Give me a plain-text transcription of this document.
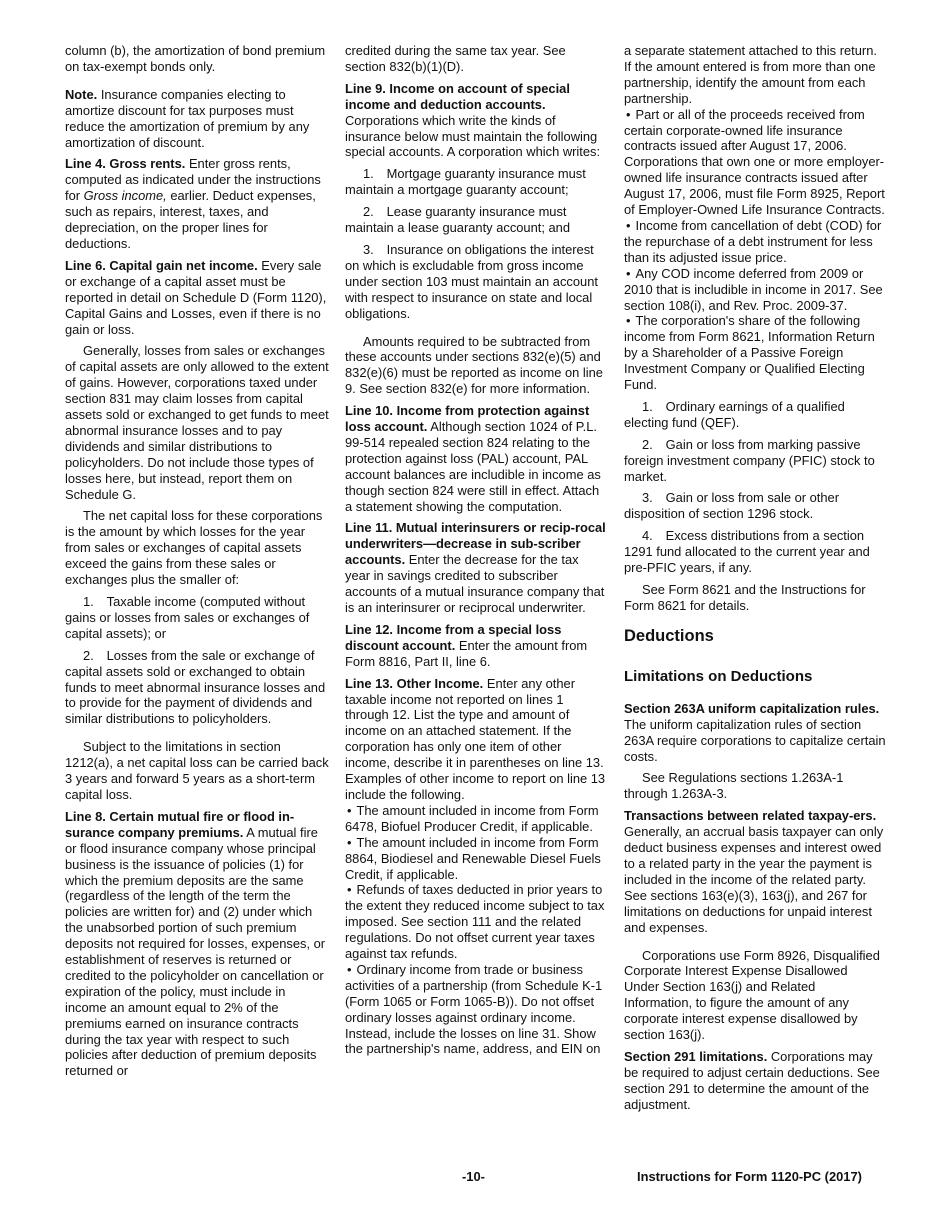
column (b), the amortization of bond premium on tax-exempt bonds only.

Note. Insurance companies electing to amortize discount for tax purposes must reduce the amortization of premium by any amortization of discount.

Line 4. Gross rents. Enter gross rents, computed as indicated under the instructions for Gross income, earlier. Deduct expenses, such as repairs, interest, taxes, and depreciation, on the proper lines for deductions.

Line 6. Capital gain net income. Every sale or exchange of a capital asset must be reported in detail on Schedule D (Form 1120), Capital Gains and Losses, even if there is no gain or loss.

Generally, losses from sales or exchanges of capital assets are only allowed to the extent of gains. However, corporations taxed under section 831 may claim losses from capital assets sold or exchanged to get funds to meet abnormal insurance losses and to pay dividends and similar distributions to policyholders. Do not include those types of losses here, but instead, report them on Schedule G.

The net capital loss for these corporations is the amount by which losses for the year from sales or exchanges of capital assets exceed the gains from these sales or exchanges plus the smaller of:

1. Taxable income (computed without gains or losses from sales or exchanges of capital assets); or

2. Losses from the sale or exchange of capital assets sold or exchanged to obtain funds to meet abnormal insurance losses and to provide for the payment of dividends and similar distributions to policyholders.

Subject to the limitations in section 1212(a), a net capital loss can be carried back 3 years and forward 5 years as a short-term capital loss.

Line 8. Certain mutual fire or flood in-surance company premiums. A mutual fire or flood insurance company whose principal business is the issuance of policies (1) for which the premium deposits are the same (regardless of the length of the term the policies are written for) and (2) under which the unabsorbed portion of such premium deposits not required for losses, expenses, or establishment of reserves is returned or credited to the policyholder on cancellation or expiration of the policy, must include in income an amount equal to 2% of the premiums earned on insurance contracts during the tax year with respect to such policies after deduction of premium deposits returned or

credited during the same tax year. See section 832(b)(1)(D).

Line 9. Income on account of special income and deduction accounts. Corporations which write the kinds of insurance below must maintain the following special accounts. A corporation which writes:

1. Mortgage guaranty insurance must maintain a mortgage guaranty account;

2. Lease guaranty insurance must maintain a lease guaranty account; and

3. Insurance on obligations the interest on which is excludable from gross income under section 103 must maintain an account with respect to insurance on state and local obligations.

Amounts required to be subtracted from these accounts under sections 832(e)(5) and 832(e)(6) must be reported as income on line 9. See section 832(e) for more information.

Line 10. Income from protection against loss account. Although section 1024 of P.L. 99-514 repealed section 824 relating to the protection against loss (PAL) account, PAL account balances are includible in income as though section 824 were still in effect. Attach a statement showing the computation.

Line 11. Mutual interinsurers or recip-rocal underwriters—decrease in sub-scriber accounts. Enter the decrease for the tax year in savings credited to subscriber accounts of a mutual insurance company that is an interinsurer or reciprocal underwriter.

Line 12. Income from a special loss discount account. Enter the amount from Form 8816, Part II, line 6.

Line 13. Other Income. Enter any other taxable income not reported on lines 1 through 12. List the type and amount of income on an attached statement. If the corporation has only one item of other income, describe it in parentheses on line 13. Examples of other income to report on line 13 include the following.

• The amount included in income from Form 6478, Biofuel Producer Credit, if applicable.

• The amount included in income from Form 8864, Biodiesel and Renewable Diesel Fuels Credit, if applicable.

• Refunds of taxes deducted in prior years to the extent they reduced income subject to tax imposed. See section 111 and the related regulations. Do not offset current year taxes against tax refunds.

• Ordinary income from trade or business activities of a partnership (from Schedule K-1 (Form 1065 or Form 1065-B)). Do not offset ordinary losses against ordinary income. Instead, include the losses on line 31. Show the partnership's name, address, and EIN on

a separate statement attached to this return. If the amount entered is from more than one partnership, identify the amount from each partnership.

• Part or all of the proceeds received from certain corporate-owned life insurance contracts issued after August 17, 2006. Corporations that own one or more employer-owned life insurance contracts issued after August 17, 2006, must file Form 8925, Report of Employer-Owned Life Insurance Contracts.

• Income from cancellation of debt (COD) for the repurchase of a debt instrument for less than its adjusted issue price.

• Any COD income deferred from 2009 or 2010 that is includible in income in 2017. See section 108(i), and Rev. Proc. 2009-37.

• The corporation's share of the following income from Form 8621, Information Return by a Shareholder of a Passive Foreign Investment Company or Qualified Electing Fund.

1. Ordinary earnings of a qualified electing fund (QEF).

2. Gain or loss from marking passive foreign investment company (PFIC) stock to market.

3. Gain or loss from sale or other disposition of section 1296 stock.

4. Excess distributions from a section 1291 fund allocated to the current year and pre-PFIC years, if any.

See Form 8621 and the Instructions for Form 8621 for details.

Deductions
Limitations on Deductions

Section 263A uniform capitalization rules. The uniform capitalization rules of section 263A require corporations to capitalize certain costs.

See Regulations sections 1.263A-1 through 1.263A-3.

Transactions between related taxpay-ers. Generally, an accrual basis taxpayer can only deduct business expenses and interest owed to a related party in the year the payment is included in the income of the related party. See sections 163(e)(3), 163(j), and 267 for limitations on deductions for unpaid interest and expenses.

Corporations use Form 8926, Disqualified Corporate Interest Expense Disallowed Under Section 163(j) and Related Information, to figure the amount of any corporate interest expense disallowed by section 163(j).

Section 291 limitations. Corporations may be required to adjust certain deductions. See section 291 to determine the amount of the adjustment.

-10-	Instructions for Form 1120-PC (2017)
